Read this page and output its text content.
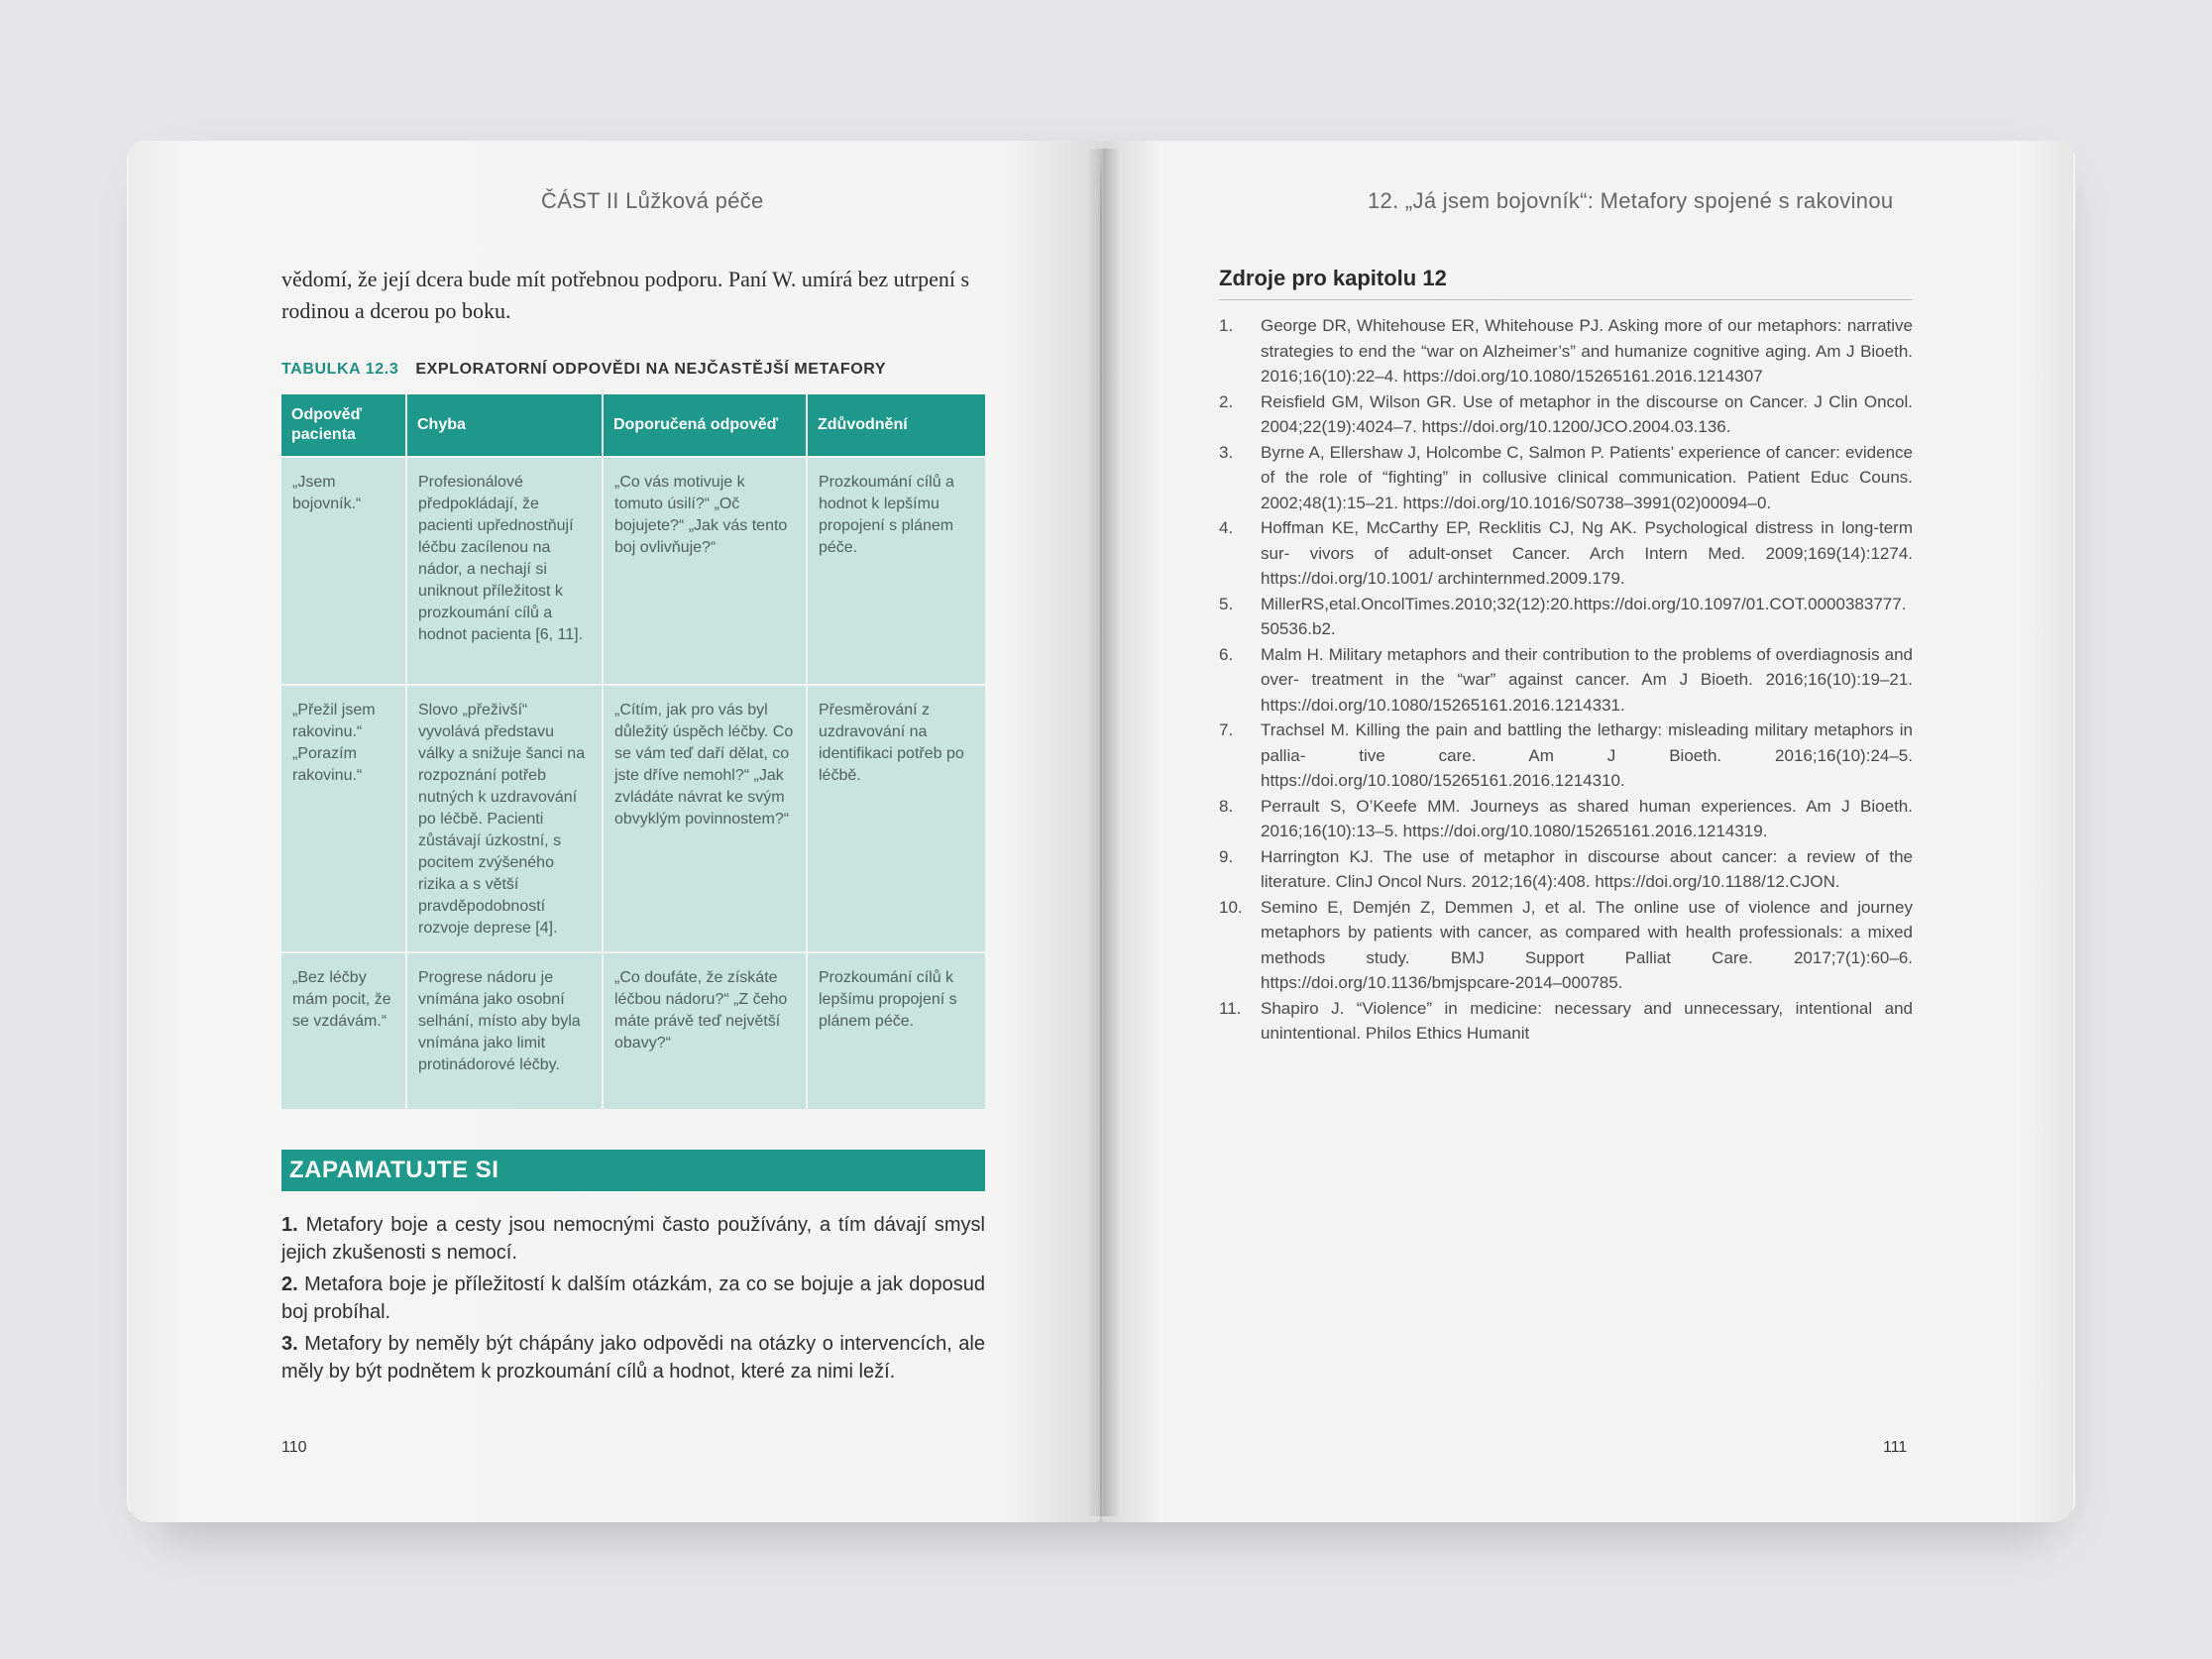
ČÁST II Lůžková péče
vědomí, že její dcera bude mít potřebnou podporu. Paní W. umírá bez utrpení s rodinou a dcerou po boku.
TABULKA 12.3 EXPLORATORNÍ ODPOVĚDI NA NEJČASTĚJŠÍ METAFORY
Odpověď pacienta	Chyba	Doporučená odpověď	Zdůvodnění
„Jsem bojovník.“	Profesionálové předpokládají, že pacienti upřednostňují léčbu zacílenou na nádor, a nechají si uniknout příležitost k prozkoumání cílů a hodnot pacienta [6, 11].	„Co vás motivuje k tomuto úsilí?“ „Oč bojujete?“ „Jak vás tento boj ovlivňuje?“	Prozkoumání cílů a hodnot k lepšímu propojení s plánem péče.
„Přežil jsem rakovinu.“ „Porazím rakovinu.“	Slovo „přeživší“ vyvolává představu války a snižuje šanci na rozpoznání potřeb nutných k uzdravování po léčbě. Pacienti zůstávají úzkostní, s pocitem zvýšeného rizika a s větší pravděpodobností rozvoje deprese [4].	„Cítím, jak pro vás byl důležitý úspěch léčby. Co se vám teď daří dělat, co jste dříve nemohl?“ „Jak zvládáte návrat ke svým obvyklým povinnostem?“	Přesměrování z uzdravování na identifikaci potřeb po léčbě.
„Bez léčby mám pocit, že se vzdávám.“	Progrese nádoru je vnímána jako osobní selhání, místo aby byla vnímána jako limit protinádorové léčby.	„Co doufáte, že získáte léčbou nádoru?“ „Z čeho máte právě teď největší obavy?“	Prozkoumání cílů k lepšímu propojení s plánem péče.
ZAPAMATUJTE SI
1. Metafory boje a cesty jsou nemocnými často používány, a tím dávají smysl jejich zkušenosti s nemocí.
2. Metafora boje je příležitostí k dalším otázkám, za co se bojuje a jak doposud boj probíhal.
3. Metafory by neměly být chápány jako odpovědi na otázky o intervencích, ale měly by být podnětem k prozkoumání cílů a hodnot, které za nimi leží.
110
12. „Já jsem bojovník“: Metafory spojené s rakovinou
Zdroje pro kapitolu 12
1.	George DR, Whitehouse ER, Whitehouse PJ. Asking more of our metaphors: narrative strategies to end the “war on Alzheimer’s” and humanize cognitive aging. Am J Bioeth. 2016;16(10):22–4. https://doi.org/10.1080/15265161.2016.1214307
2.	Reisfield GM, Wilson GR. Use of metaphor in the discourse on Cancer. J Clin Oncol. 2004;22(19):4024–7. https://doi.org/10.1200/JCO.2004.03.136.
3.	Byrne A, Ellershaw J, Holcombe C, Salmon P. Patients’ experience of cancer: evidence of the role of “fighting” in collusive clinical communication. Patient Educ Couns. 2002;48(1):15–21. https://doi.org/10.1016/S0738–3991(02)00094–0.
4.	Hoffman KE, McCarthy EP, Recklitis CJ, Ng AK. Psychological distress in long-term sur- vivors of adult-onset Cancer. Arch Intern Med. 2009;169(14):1274. https://doi.org/10.1001/ archinternmed.2009.179.
5.	MillerRS,etal.OncolTimes.2010;32(12):20.https://doi.org/10.1097/01.COT.0000383777.50536.b2.
6.	Malm H. Military metaphors and their contribution to the problems of overdiagnosis and over- treatment in the “war” against cancer. Am J Bioeth. 2016;16(10):19–21. https://doi.org/10.1080/15265161.2016.1214331.
7.	Trachsel M. Killing the pain and battling the lethargy: misleading military metaphors in pallia- tive care. Am J Bioeth. 2016;16(10):24–5. https://doi.org/10.1080/15265161.2016.1214310.
8.	Perrault S, O’Keefe MM. Journeys as shared human experiences. Am J Bioeth. 2016;16(10):13–5. https://doi.org/10.1080/15265161.2016.1214319.
9.	Harrington KJ. The use of metaphor in discourse about cancer: a review of the literature. ClinJ Oncol Nurs. 2012;16(4):408. https://doi.org/10.1188/12.CJON.
10.	Semino E, Demjén Z, Demmen J, et al. The online use of violence and journey metaphors by patients with cancer, as compared with health professionals: a mixed methods study. BMJ Support Palliat Care. 2017;7(1):60–6. https://doi.org/10.1136/bmjspcare-2014–000785.
11.	Shapiro J. “Violence” in medicine: necessary and unnecessary, intentional and unintentional. Philos Ethics Humanit
111
